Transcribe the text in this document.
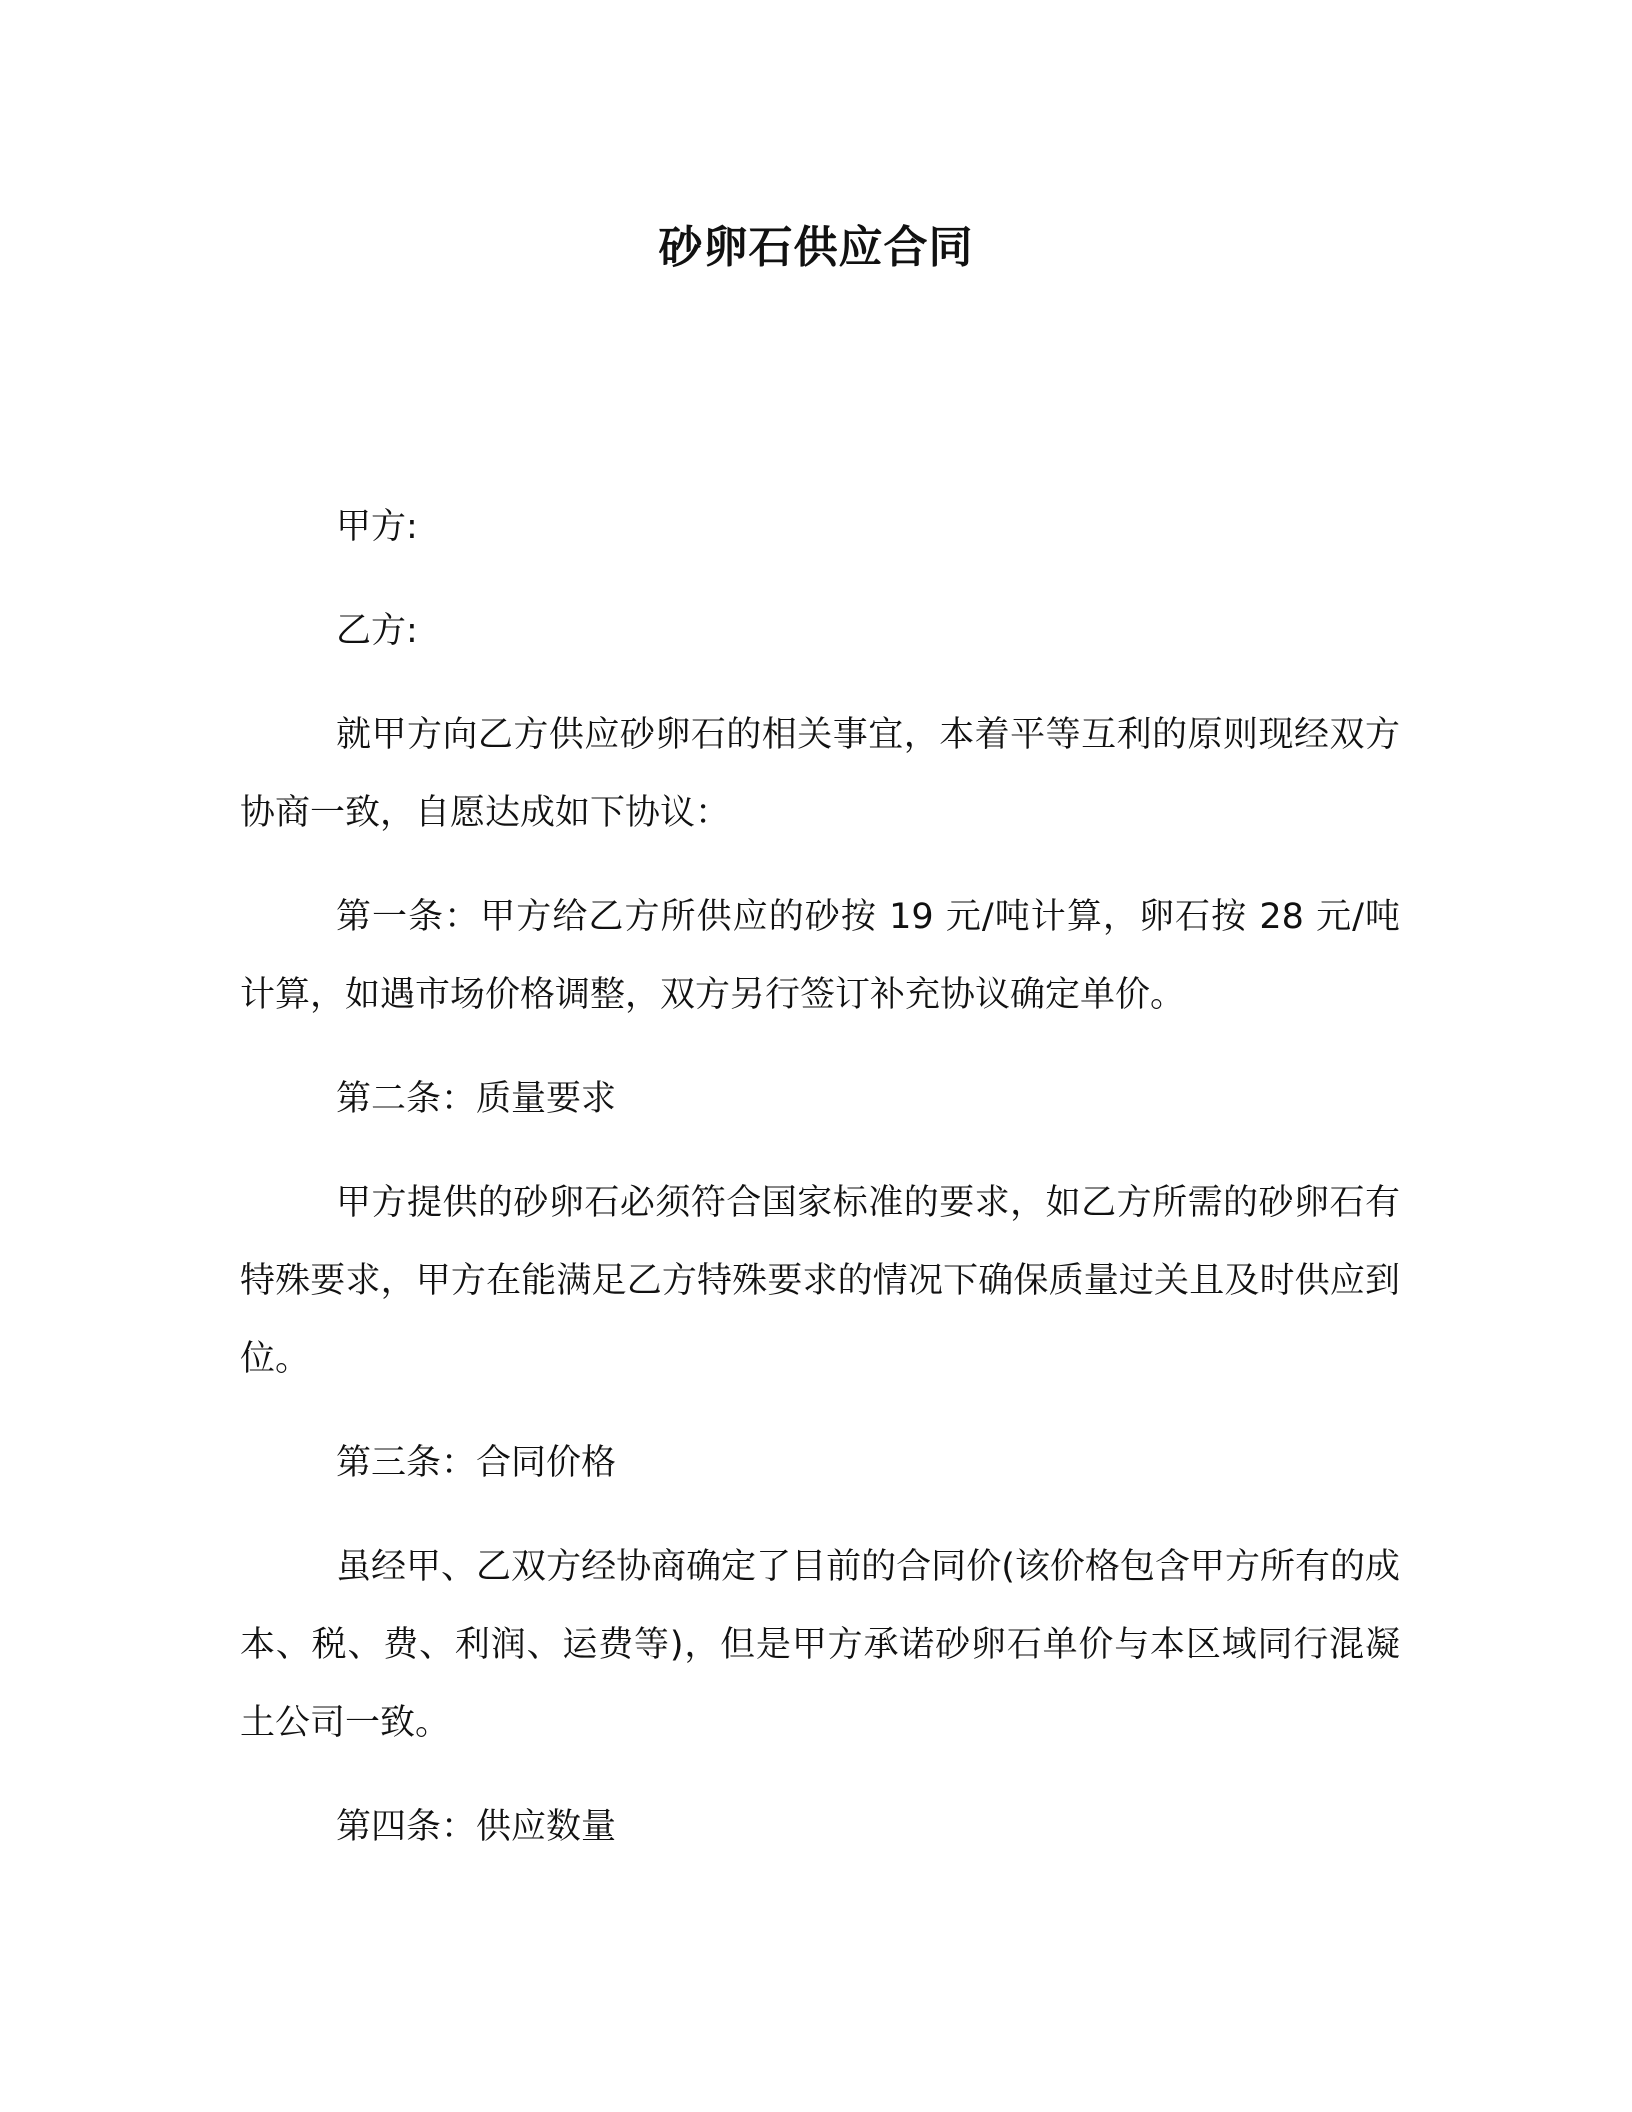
砂卵石供应合同

甲方:

乙方:

就甲方向乙方供应砂卵石的相关事宜，本着平等互利的原则现经双方协商一致，自愿达成如下协议：

第一条：甲方给乙方所供应的砂按 19 元/吨计算，卵石按 28 元/吨计算，如遇市场价格调整，双方另行签订补充协议确定单价。

第二条：质量要求

甲方提供的砂卵石必须符合国家标准的要求，如乙方所需的砂卵石有特殊要求，甲方在能满足乙方特殊要求的情况下确保质量过关且及时供应到位。

第三条：合同价格

虽经甲、乙双方经协商确定了目前的合同价(该价格包含甲方所有的成本、税、费、利润、运费等)，但是甲方承诺砂卵石单价与本区域同行混凝土公司一致。

第四条：供应数量
